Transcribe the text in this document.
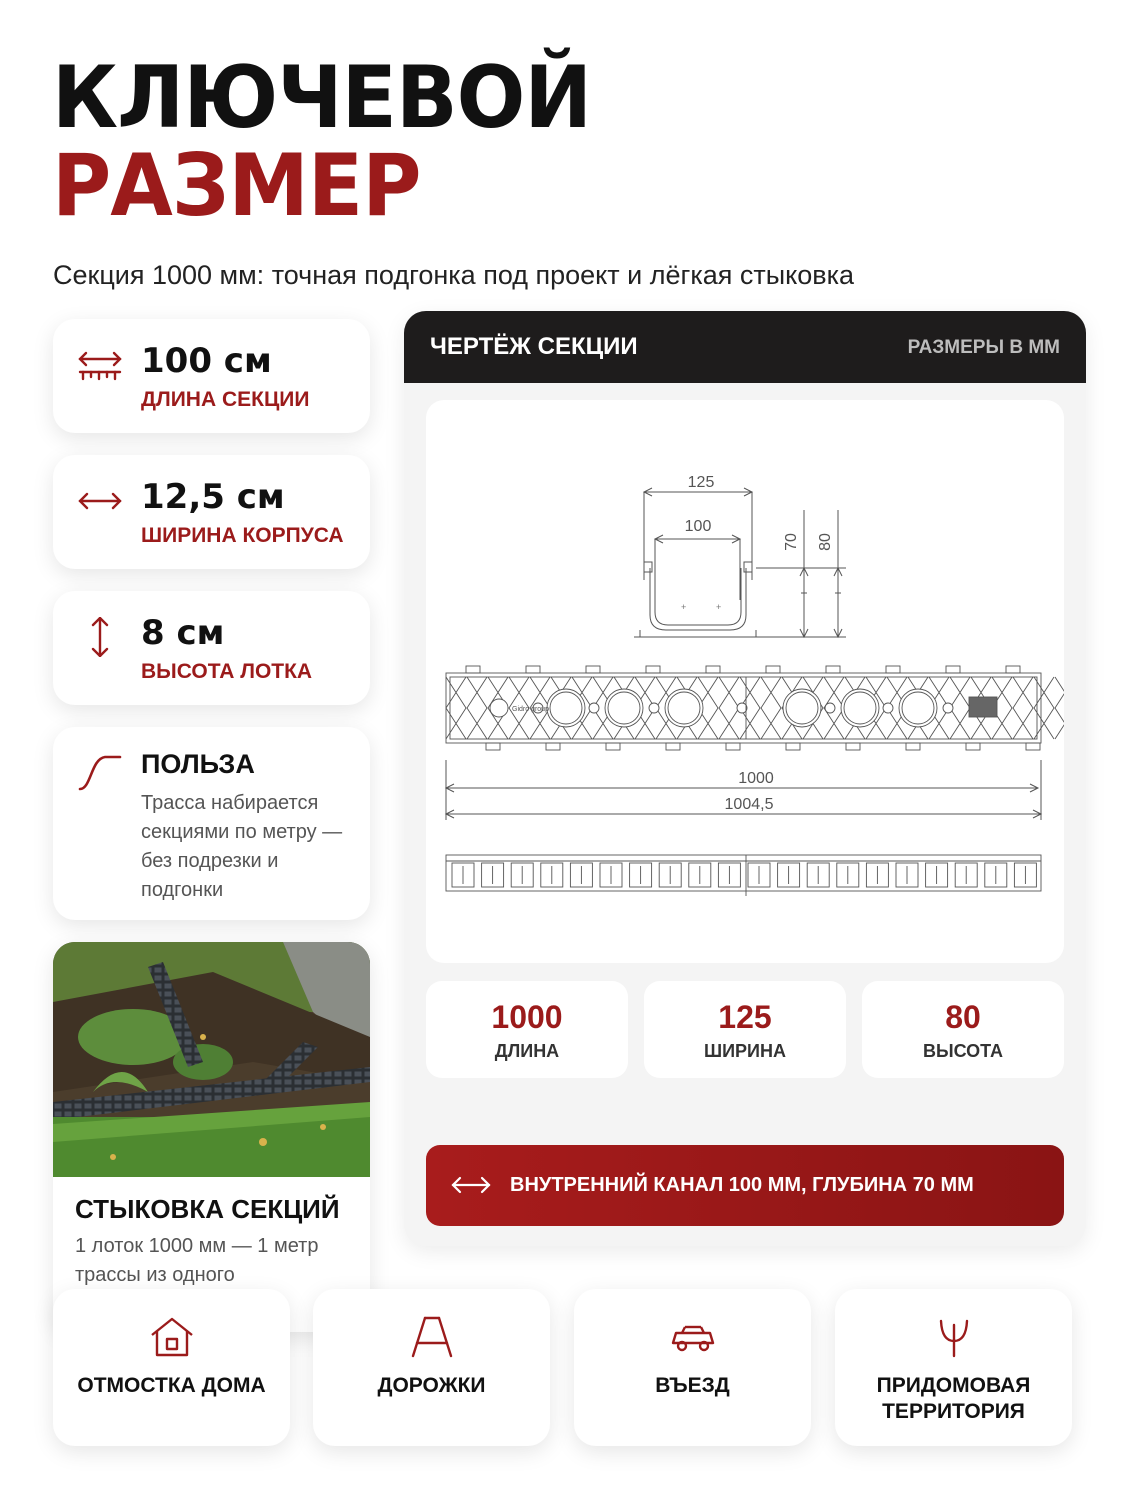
КЛЮЧЕВОЙ
РАЗМЕР
Секция 1000 мм: точная подгонка под проект и лёгкая стыковка
100 см
ДЛИНА СЕКЦИИ
12,5 см
ШИРИНА КОРПУСА
8 см
ВЫСОТА ЛОТКА
ПОЛЬЗА
Трасса набирается секциями по метру — без подрезки и подгонки
СТЫКОВКА СЕКЦИЙ
1 лоток 1000 мм — 1 метр трассы из одного
ЧЕРТЁЖ СЕКЦИИ	РАЗМЕРЫ В ММ
125
100
70 80
+	+
Gidro group
1000
1004,5
1000
ДЛИНА
125
ШИРИНА
80
ВЫСОТА
ВНУТРЕННИЙ КАНАЛ 100 ММ, ГЛУБИНА 70 ММ
ОТМОСТКА ДОМА	ДОРОЖКИ	ВЪЕЗД	ПРИДОМОВАЯ ТЕРРИТОРИЯ
